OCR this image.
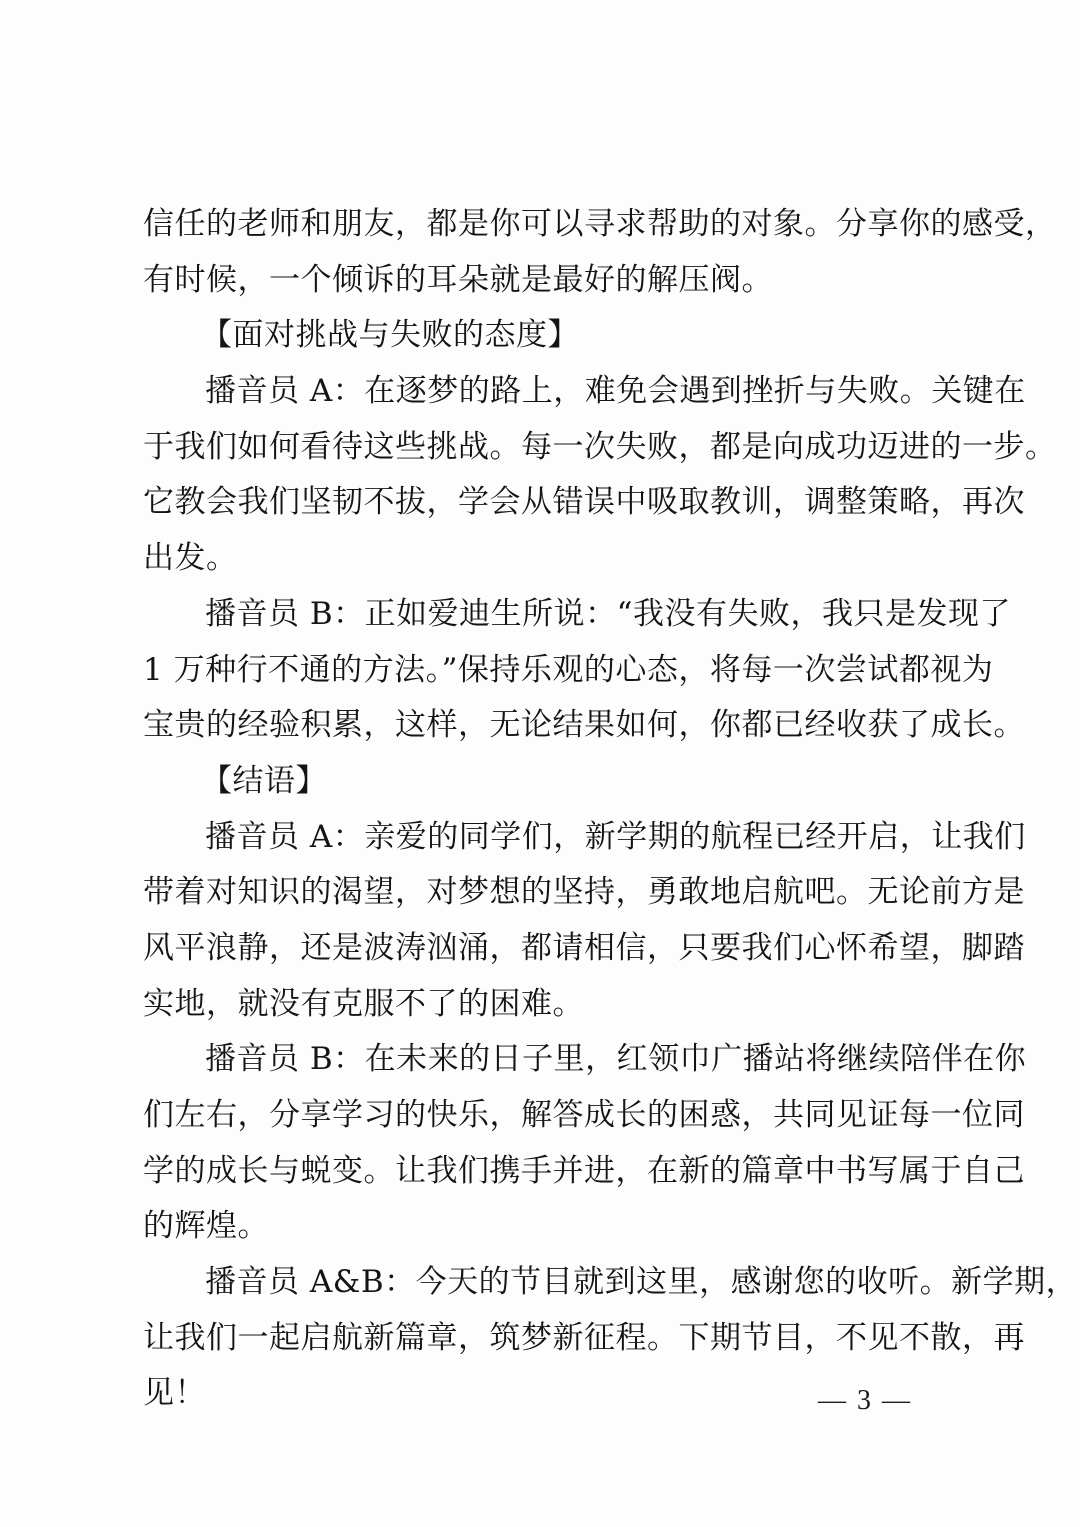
信任的老师和朋友，都是你可以寻求帮助的对象。分享你的感受，
有时候，一个倾诉的耳朵就是最好的解压阀。
【面对挑战与失败的态度】
播音员 A：在逐梦的路上，难免会遇到挫折与失败。关键在
于我们如何看待这些挑战。每一次失败，都是向成功迈进的一步。
它教会我们坚韧不拔，学会从错误中吸取教训，调整策略，再次
出发。
播音员 B：正如爱迪生所说：“我没有失败，我只是发现了
1 万种行不通的方法。”保持乐观的心态，将每一次尝试都视为
宝贵的经验积累，这样，无论结果如何，你都已经收获了成长。
【结语】
播音员 A：亲爱的同学们，新学期的航程已经开启，让我们
带着对知识的渴望，对梦想的坚持，勇敢地启航吧。无论前方是
风平浪静，还是波涛汹涌，都请相信，只要我们心怀希望，脚踏
实地，就没有克服不了的困难。
播音员 B：在未来的日子里，红领巾广播站将继续陪伴在你
们左右，分享学习的快乐，解答成长的困惑，共同见证每一位同
学的成长与蜕变。让我们携手并进，在新的篇章中书写属于自己
的辉煌。
播音员 A&B：今天的节目就到这里，感谢您的收听。新学期，
让我们一起启航新篇章，筑梦新征程。下期节目，不见不散，再
见！	— 3 —
